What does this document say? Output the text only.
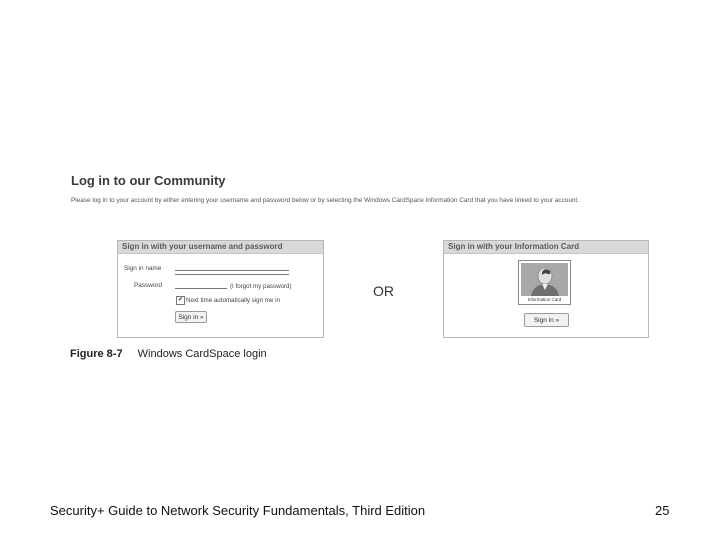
Log in to our Community
Please log in to your account by either entering your username and password below or by selecting the Windows CardSpace Information Card that you have linked to your account.
Sign in with your username and password
Sign in name
Password	(I forgot my password)
✔ Next time automatically sign me in
Sign in »
OR
Sign in with your Information Card
Information Card
Sign in »
Figure 8-7 Windows CardSpace login
Security+ Guide to Network Security Fundamentals, Third Edition	25
